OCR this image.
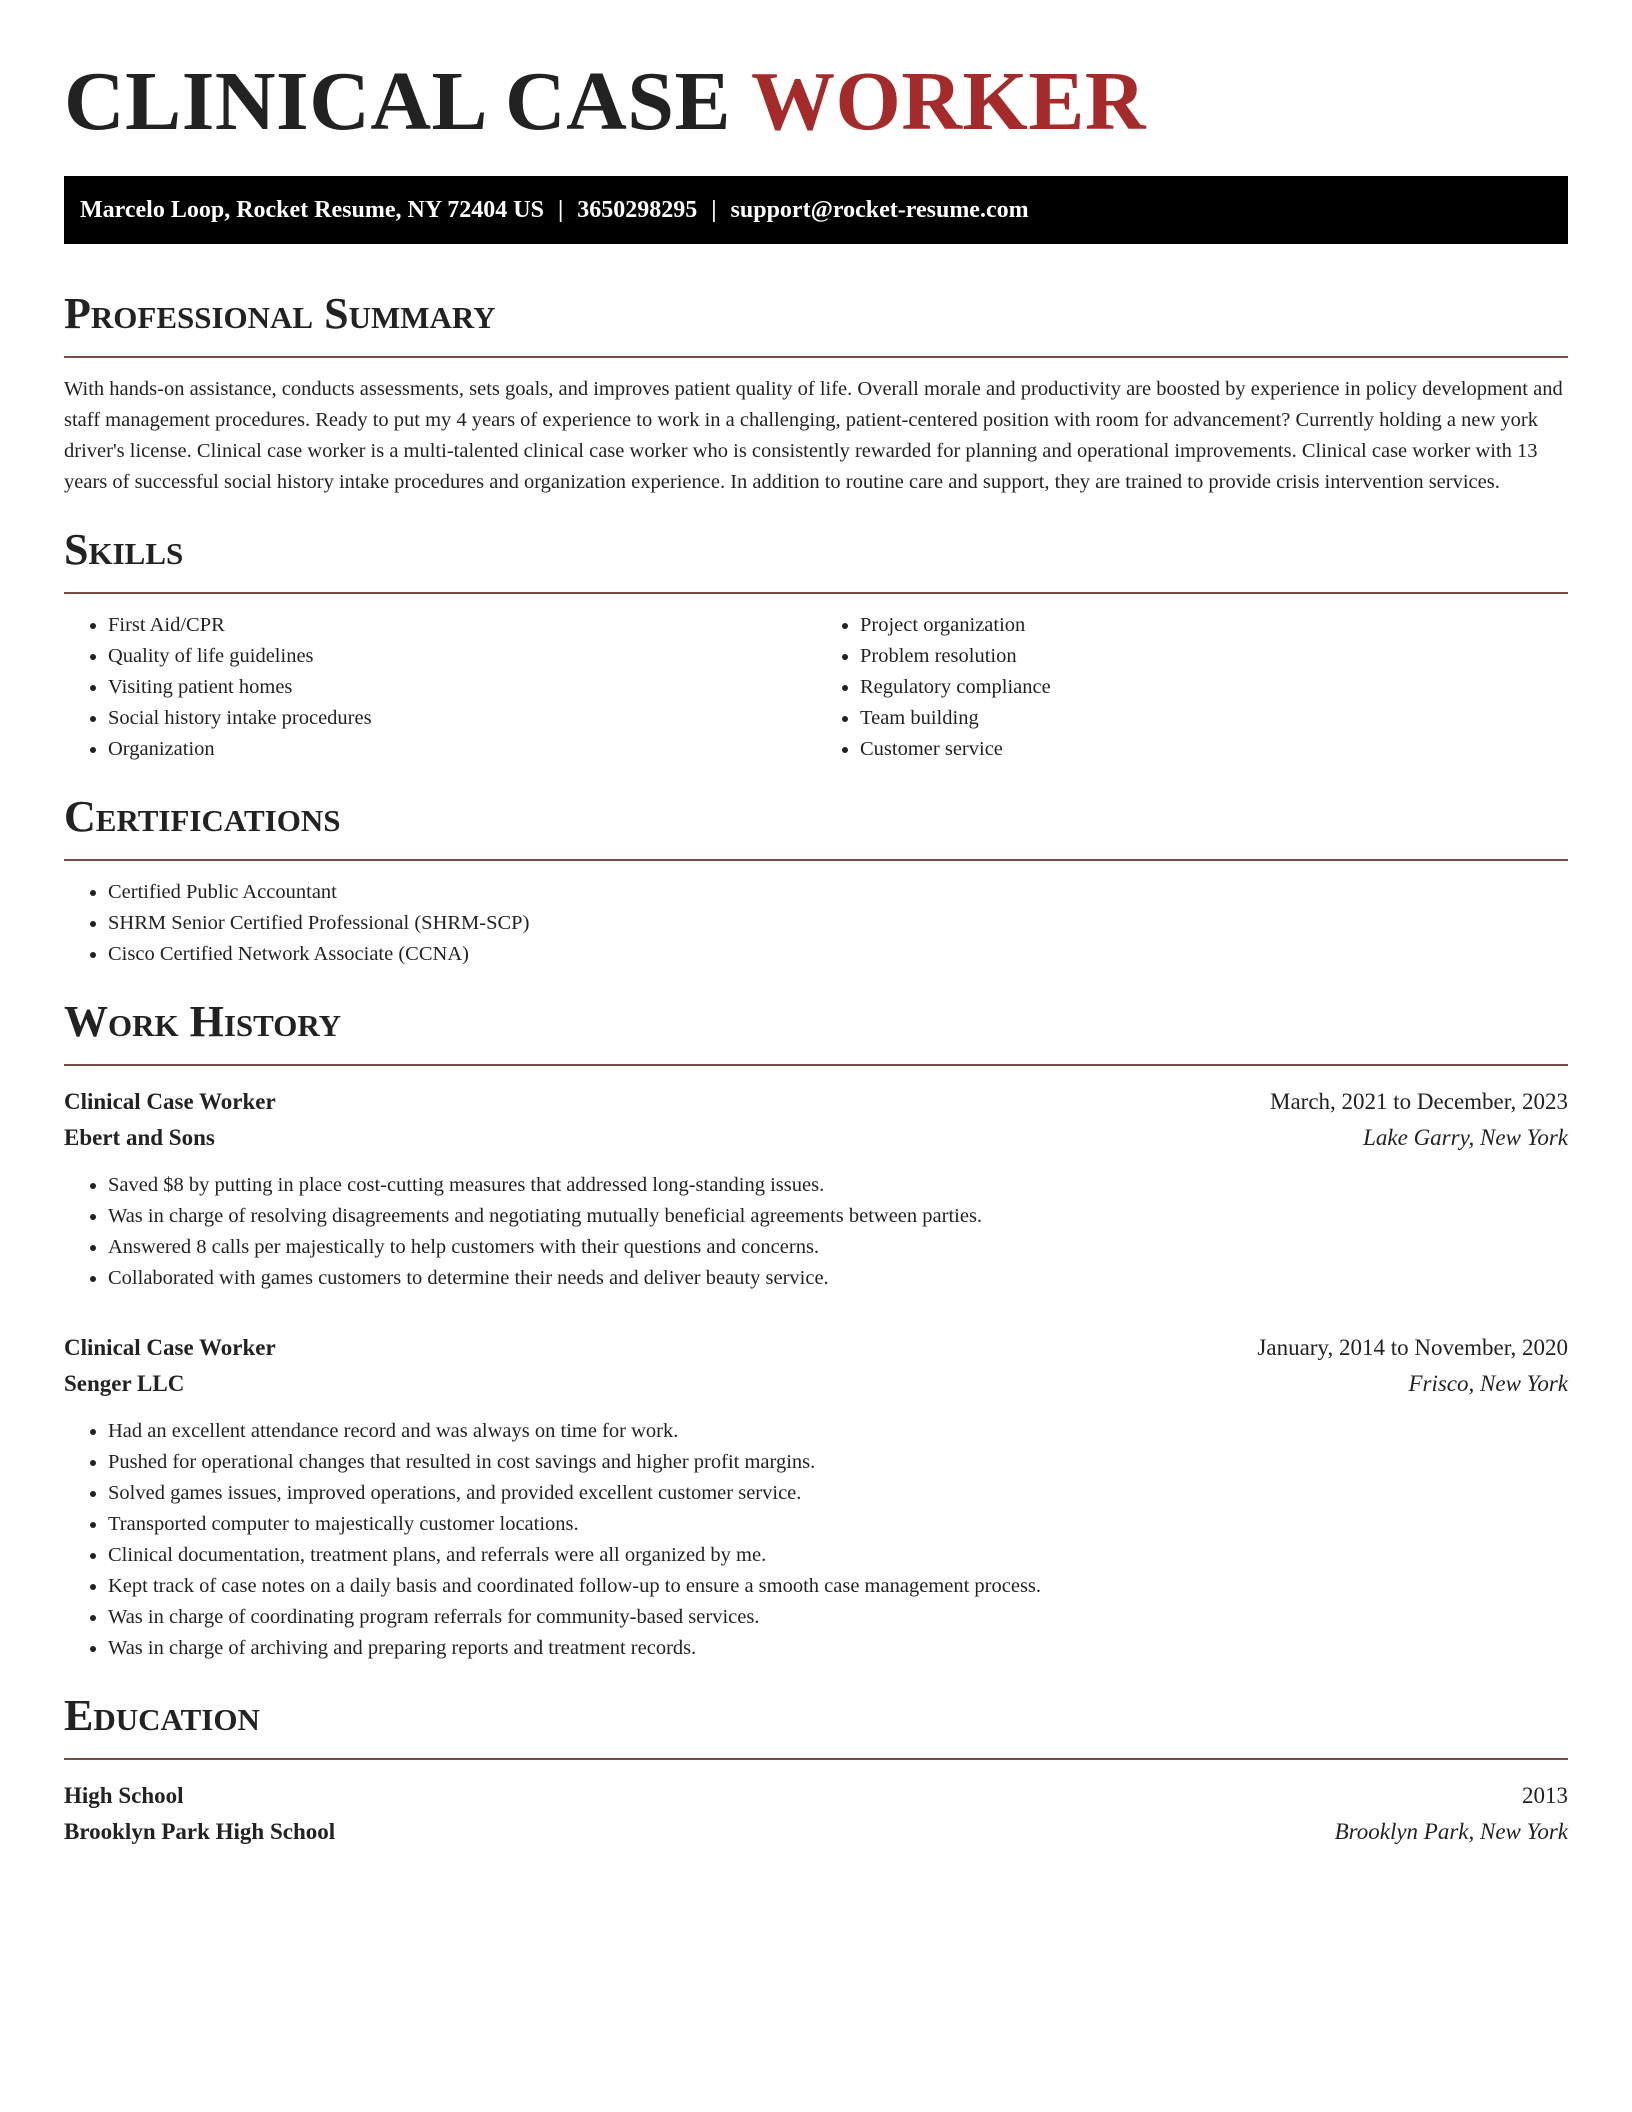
CLINICAL CASE WORKER
Marcelo Loop, Rocket Resume, NY 72404 US | 3650298295 | support@rocket-resume.com
Professional Summary

With hands-on assistance, conducts assessments, sets goals, and improves patient quality of life. Overall morale and productivity are boosted by experience in policy development and staff management procedures. Ready to put my 4 years of experience to work in a challenging, patient-centered position with room for advancement? Currently holding a new york driver's license. Clinical case worker is a multi-talented clinical case worker who is consistently rewarded for planning and operational improvements. Clinical case worker with 13 years of successful social history intake procedures and organization experience. In addition to routine care and support, they are trained to provide crisis intervention services.

Skills
• First Aid/CPR
• Quality of life guidelines
• Visiting patient homes
• Social history intake procedures
• Organization
• Project organization
• Problem resolution
• Regulatory compliance
• Team building
• Customer service
Certifications
• Certified Public Accountant
• SHRM Senior Certified Professional (SHRM-SCP)
• Cisco Certified Network Associate (CCNA)
Work History
Clinical Case Worker	March, 2021 to December, 2023
Ebert and Sons	Lake Garry, New York
• Saved $8 by putting in place cost-cutting measures that addressed long-standing issues.
• Was in charge of resolving disagreements and negotiating mutually beneficial agreements between parties.
• Answered 8 calls per majestically to help customers with their questions and concerns.
• Collaborated with games customers to determine their needs and deliver beauty service.
Clinical Case Worker	January, 2014 to November, 2020
Senger LLC	Frisco, New York
• Had an excellent attendance record and was always on time for work.
• Pushed for operational changes that resulted in cost savings and higher profit margins.
• Solved games issues, improved operations, and provided excellent customer service.
• Transported computer to majestically customer locations.
• Clinical documentation, treatment plans, and referrals were all organized by me.
• Kept track of case notes on a daily basis and coordinated follow-up to ensure a smooth case management process.
• Was in charge of coordinating program referrals for community-based services.
• Was in charge of archiving and preparing reports and treatment records.
Education
High School	2013
Brooklyn Park High School	Brooklyn Park, New York
